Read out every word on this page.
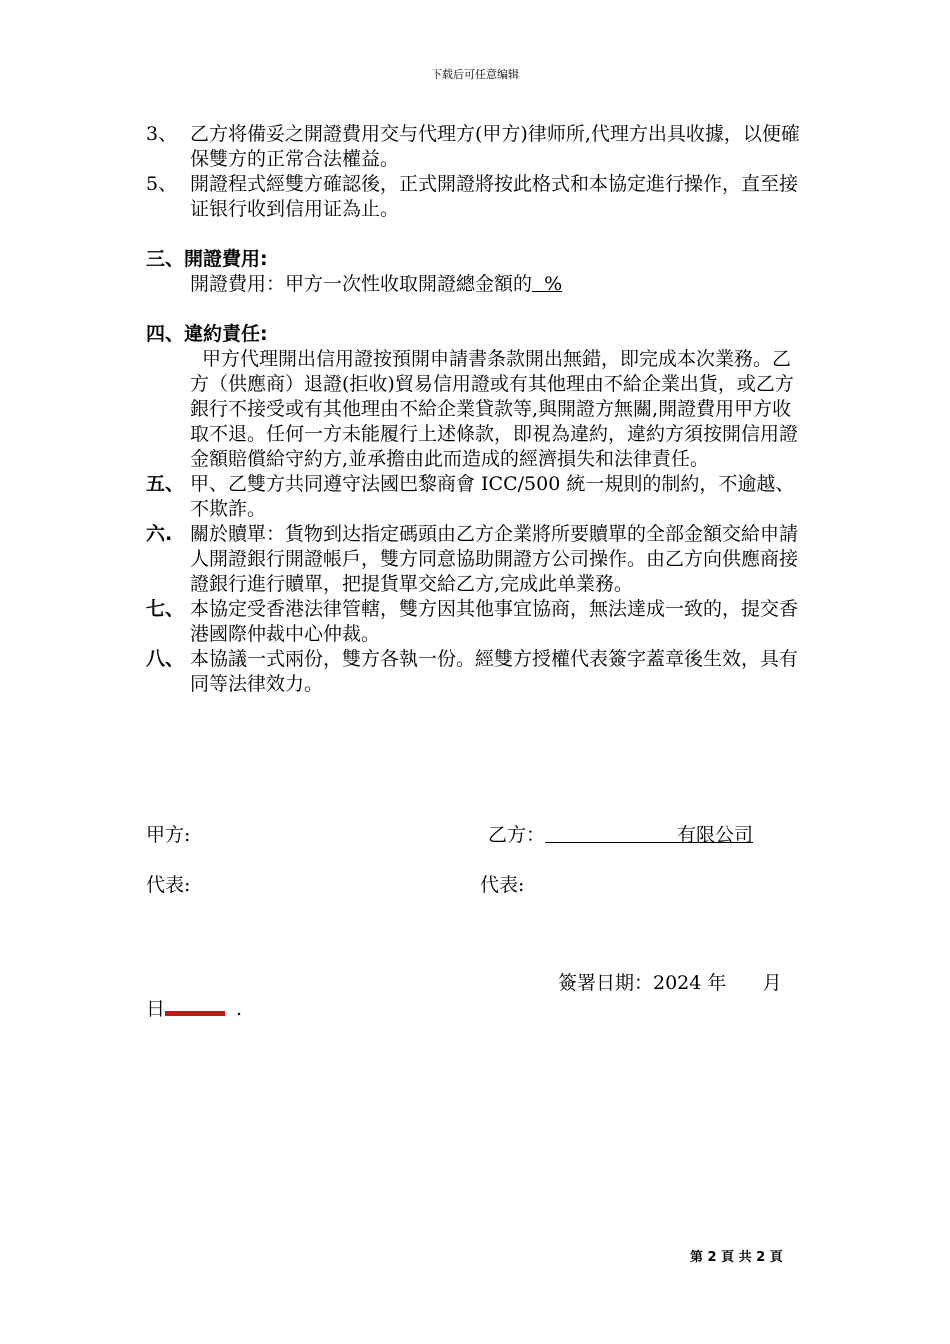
下载后可任意编辑
3、 乙方将備妥之開證費用交与代理方(甲方)律师所,代理方出具收據，以便確保雙方的正常合法權益。
5、 開證程式經雙方確認後，正式開證將按此格式和本協定進行操作，直至接证银行收到信用证為止。
三、開證費用:
開證費用：甲方一次性收取開證總金額的  %
四、違約責任:
甲方代理開出信用證按預開申請書条款開出無錯，即完成本次業務。乙方（供應商）退證(拒收)貿易信用證或有其他理由不給企業出貨，或乙方銀行不接受或有其他理由不給企業貸款等,與開證方無關,開證費用甲方收取不退。任何一方未能履行上述條款，即視為違約，違約方須按開信用證金額賠償給守約方,並承擔由此而造成的經濟損失和法律責任。
五、 甲、乙雙方共同遵守法國巴黎商會 ICC/500 統一規則的制約，不逾越、不欺詐。
六. 關於贖單：貨物到达指定碼頭由乙方企業將所要贖單的全部金額交給申請人開證銀行開證帳戶，雙方同意協助開證方公司操作。由乙方向供應商接證銀行進行贖單，把提貨單交給乙方,完成此单業務。
七、 本協定受香港法律管轄，雙方因其他事宜協商，無法達成一致的，提交香港國際仲裁中心仲裁。
八、 本協議一式兩份，雙方各執一份。經雙方授權代表簽字蓋章後生效，具有同等法律效力。
甲方:	乙方：	有限公司
代表:	代表:
簽署日期：2024 年      月
日	.
第 2 頁 共 2 頁
